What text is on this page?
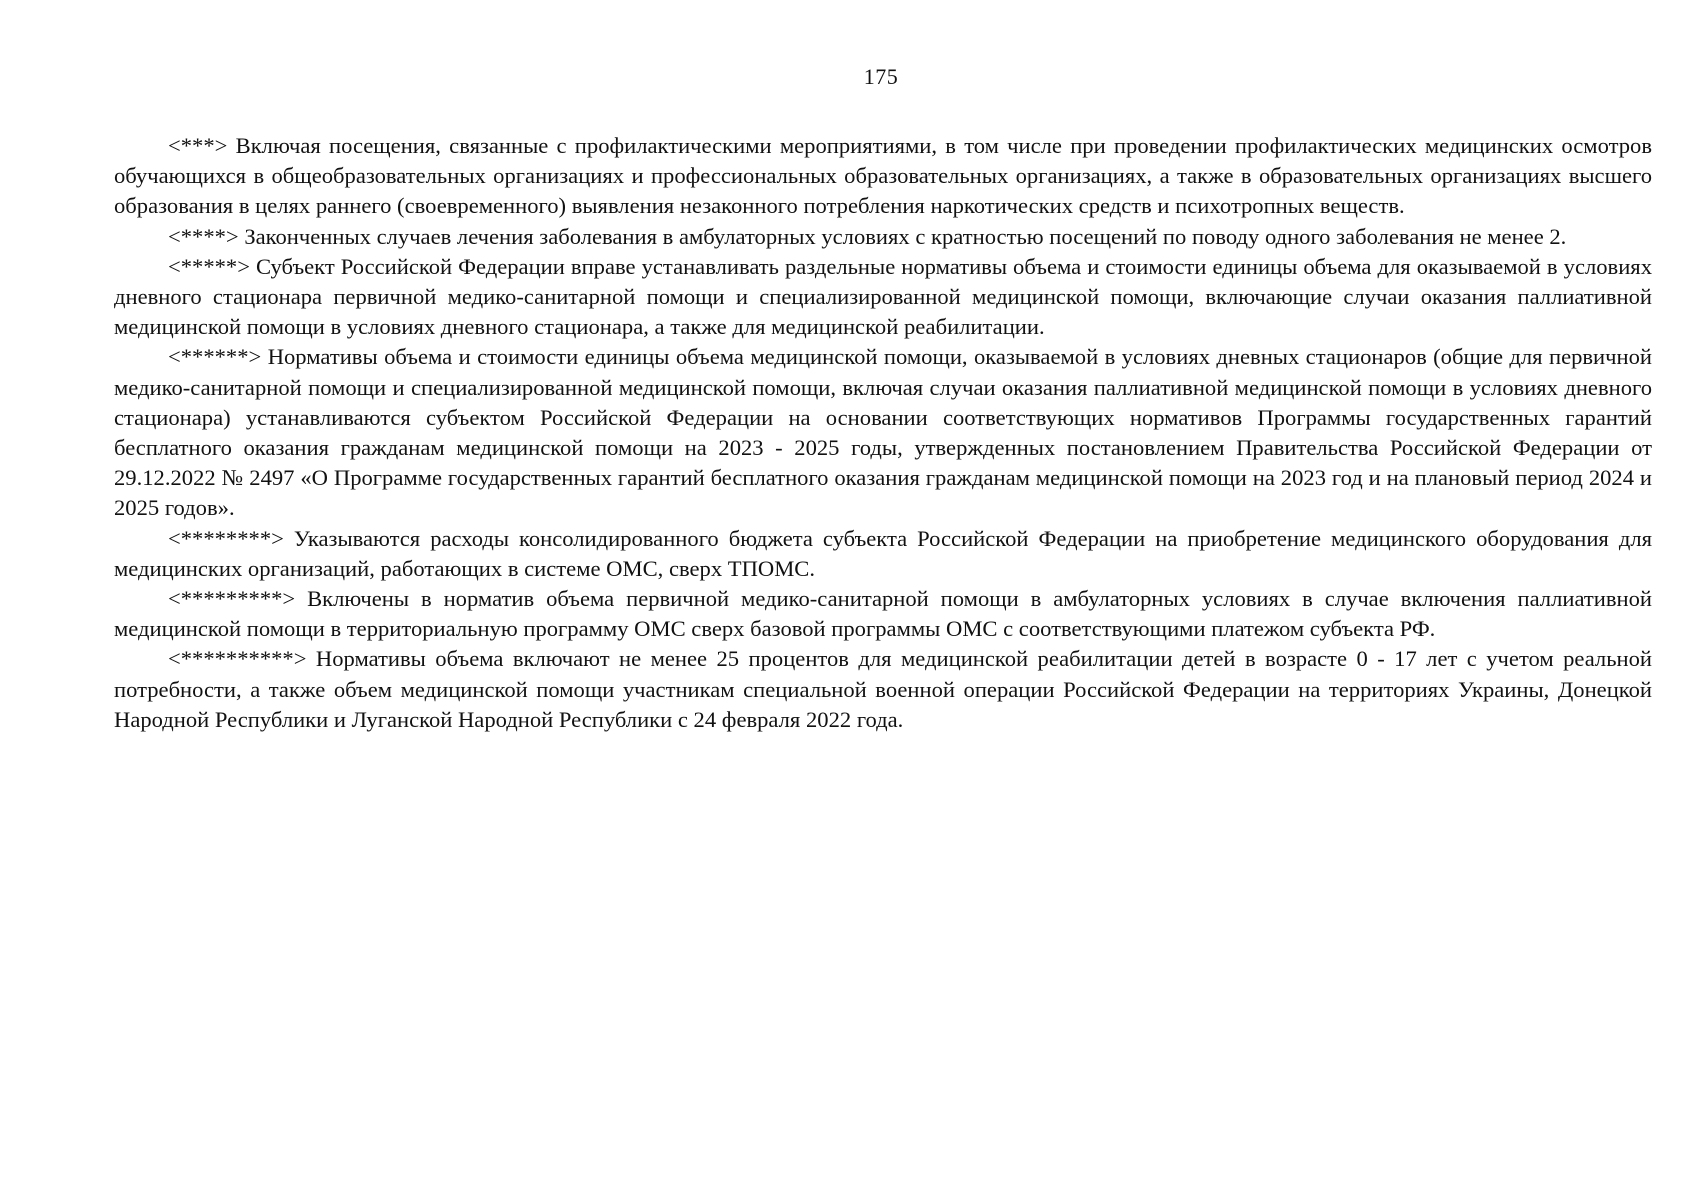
175

<***> Включая посещения, связанные с профилактическими мероприятиями, в том числе при проведении профилактических медицинских осмотров обучающихся в общеобразовательных организациях и профессиональных образовательных организациях, а также в образовательных организациях высшего образования в целях раннего (своевременного) выявления незаконного потребления наркотических средств и психотропных веществ.

<****> Законченных случаев лечения заболевания в амбулаторных условиях с кратностью посещений по поводу одного заболевания не менее 2.

<*****> Субъект Российской Федерации вправе устанавливать раздельные нормативы объема и стоимости единицы объема для оказываемой в условиях дневного стационара первичной медико-санитарной помощи и специализированной медицинской помощи, включающие случаи оказания паллиативной медицинской помощи в условиях дневного стационара, а также для медицинской реабилитации.

<******> Нормативы объема и стоимости единицы объема медицинской помощи, оказываемой в условиях дневных стационаров (общие для первичной медико-санитарной помощи и специализированной медицинской помощи, включая случаи оказания паллиативной медицинской помощи в условиях дневного стационара) устанавливаются субъектом Российской Федерации на основании соответствующих нормативов Программы государственных гарантий бесплатного оказания гражданам медицинской помощи на 2023 - 2025 годы, утвержденных постановлением Правительства Российской Федерации от 29.12.2022 № 2497 «О Программе государственных гарантий бесплатного оказания гражданам медицинской помощи на 2023 год и на плановый период 2024 и 2025 годов».

<********> Указываются расходы консолидированного бюджета субъекта Российской Федерации на приобретение медицинского оборудования для медицинских организаций, работающих в системе ОМС, сверх ТПОМС.

<*********> Включены в норматив объема первичной медико-санитарной помощи в амбулаторных условиях в случае включения паллиативной медицинской помощи в территориальную программу ОМС сверх базовой программы ОМС с соответствующими платежом субъекта РФ.

<**********> Нормативы объема включают не менее 25 процентов для медицинской реабилитации детей в возрасте 0 - 17 лет с учетом реальной потребности, а также объем медицинской помощи участникам специальной военной операции Российской Федерации на территориях Украины, Донецкой Народной Республики и Луганской Народной Республики с 24 февраля 2022 года.
